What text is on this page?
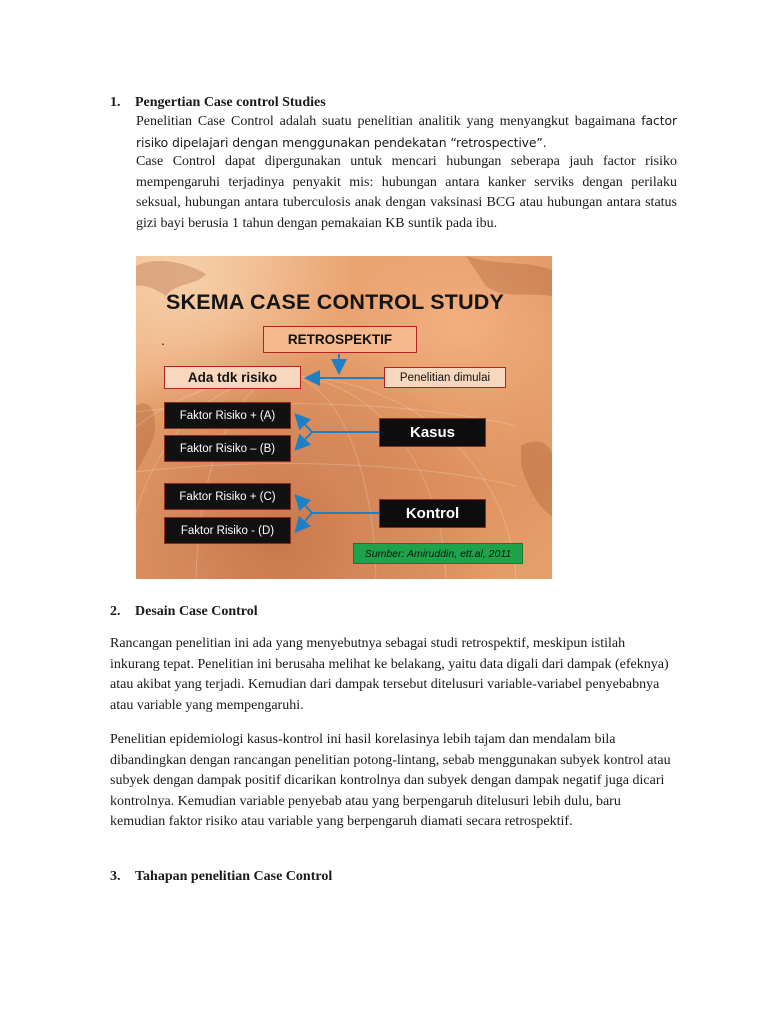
1. Pengertian Case control Studies
Penelitian Case Control adalah suatu penelitian analitik yang menyangkut bagaimana factor risiko dipelajari dengan menggunakan pendekatan “retrospective”.
Case Control dapat dipergunakan untuk mencari hubungan seberapa jauh factor risiko mempengaruhi terjadinya penyakit mis: hubungan antara kanker serviks dengan perilaku seksual, hubungan antara tuberculosis anak dengan vaksinasi BCG atau hubungan antara status gizi bayi berusia 1 tahun dengan pemakaian KB suntik pada ibu.
SKEMA CASE CONTROL STUDY
.	RETROSPEKTIF
Ada tdk risiko	Penelitian dimulai
Faktor Risiko + (A)
Faktor Risiko – (B)
Faktor Risiko + (C)
Faktor Risiko - (D)
Kasus
Kontrol
Sumber: Amiruddin, ett.al, 2011
2. Desain Case Control
Rancangan penelitian ini ada yang menyebutnya sebagai studi retrospektif, meskipun istilah inkurang tepat. Penelitian ini berusaha melihat ke belakang, yaitu data digali dari dampak (efeknya) atau akibat yang terjadi. Kemudian dari dampak tersebut ditelusuri variable-variabel penyebabnya atau variable yang mempengaruhi.
Penelitian epidemiologi kasus-kontrol ini hasil korelasinya lebih tajam dan mendalam bila dibandingkan dengan rancangan penelitian potong-lintang, sebab menggunakan subyek kontrol atau subyek dengan dampak positif dicarikan kontrolnya dan subyek dengan dampak negatif juga dicari kontrolnya. Kemudian variable penyebab atau yang berpengaruh ditelusuri lebih dulu, baru kemudian faktor risiko atau variable yang berpengaruh diamati secara retrospektif.
3. Tahapan penelitian Case Control
